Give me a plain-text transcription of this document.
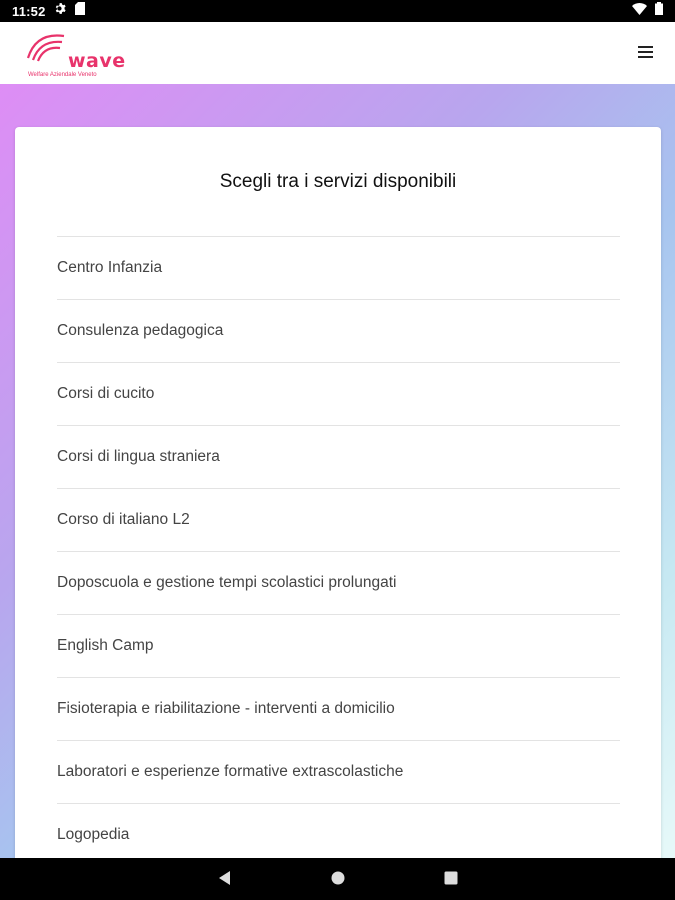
11:52
wave
Welfare Aziendale Veneto
Scegli tra i servizi disponibili
Centro Infanzia
Consulenza pedagogica
Corsi di cucito
Corsi di lingua straniera
Corso di italiano L2
Doposcuola e gestione tempi scolastici prolungati
English Camp
Fisioterapia e riabilitazione - interventi a domicilio
Laboratori e esperienze formative extrascolastiche
Logopedia
